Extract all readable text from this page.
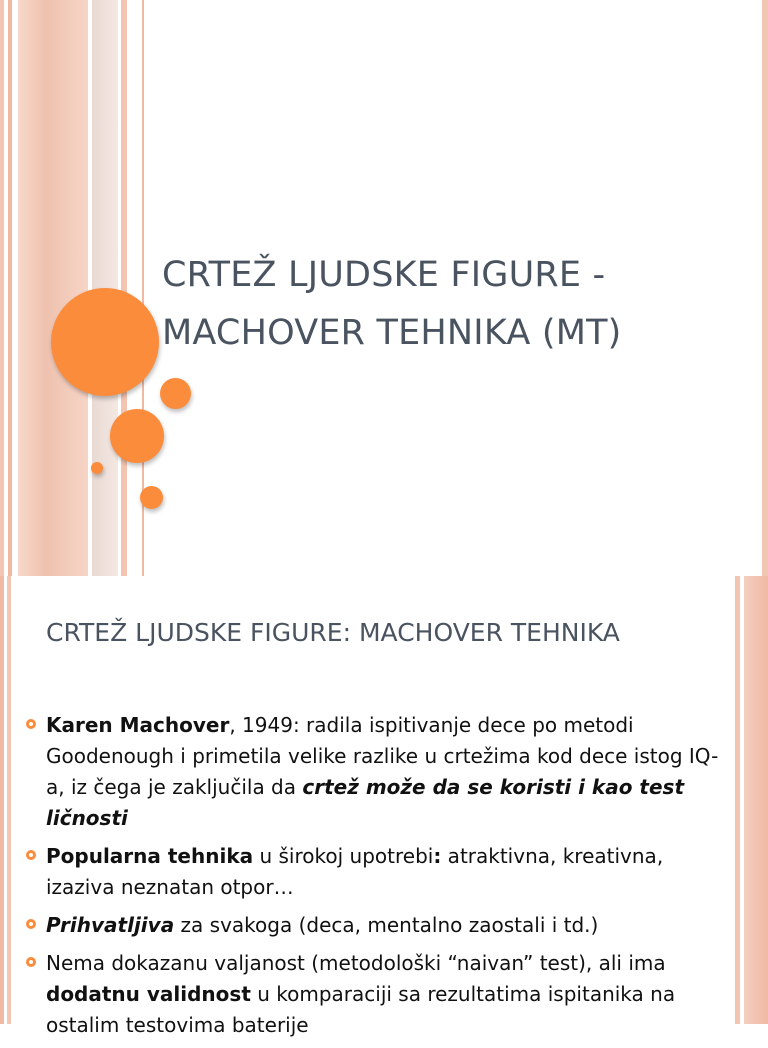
CRTEŽ LJUDSKE FIGURE -
MACHOVER TEHNIKA (MT)
CRTEŽ LJUDSKE FIGURE: MACHOVER TEHNIKA
Karen Machover, 1949: radila ispitivanje dece po metodi Goodenough i primetila velike razlike u crtežima kod dece istog IQ-a, iz čega je zaključila da crtež može da se koristi i kao test ličnosti
Popularna tehnika u širokoj upotrebi: atraktivna, kreativna, izaziva neznatan otpor…
Prihvatljiva za svakoga (deca, mentalno zaostali i td.)
Nema dokazanu valjanost (metodološki “naivan” test), ali ima dodatnu validnost u komparaciji sa rezultatima ispitanika na ostalim testovima baterije
